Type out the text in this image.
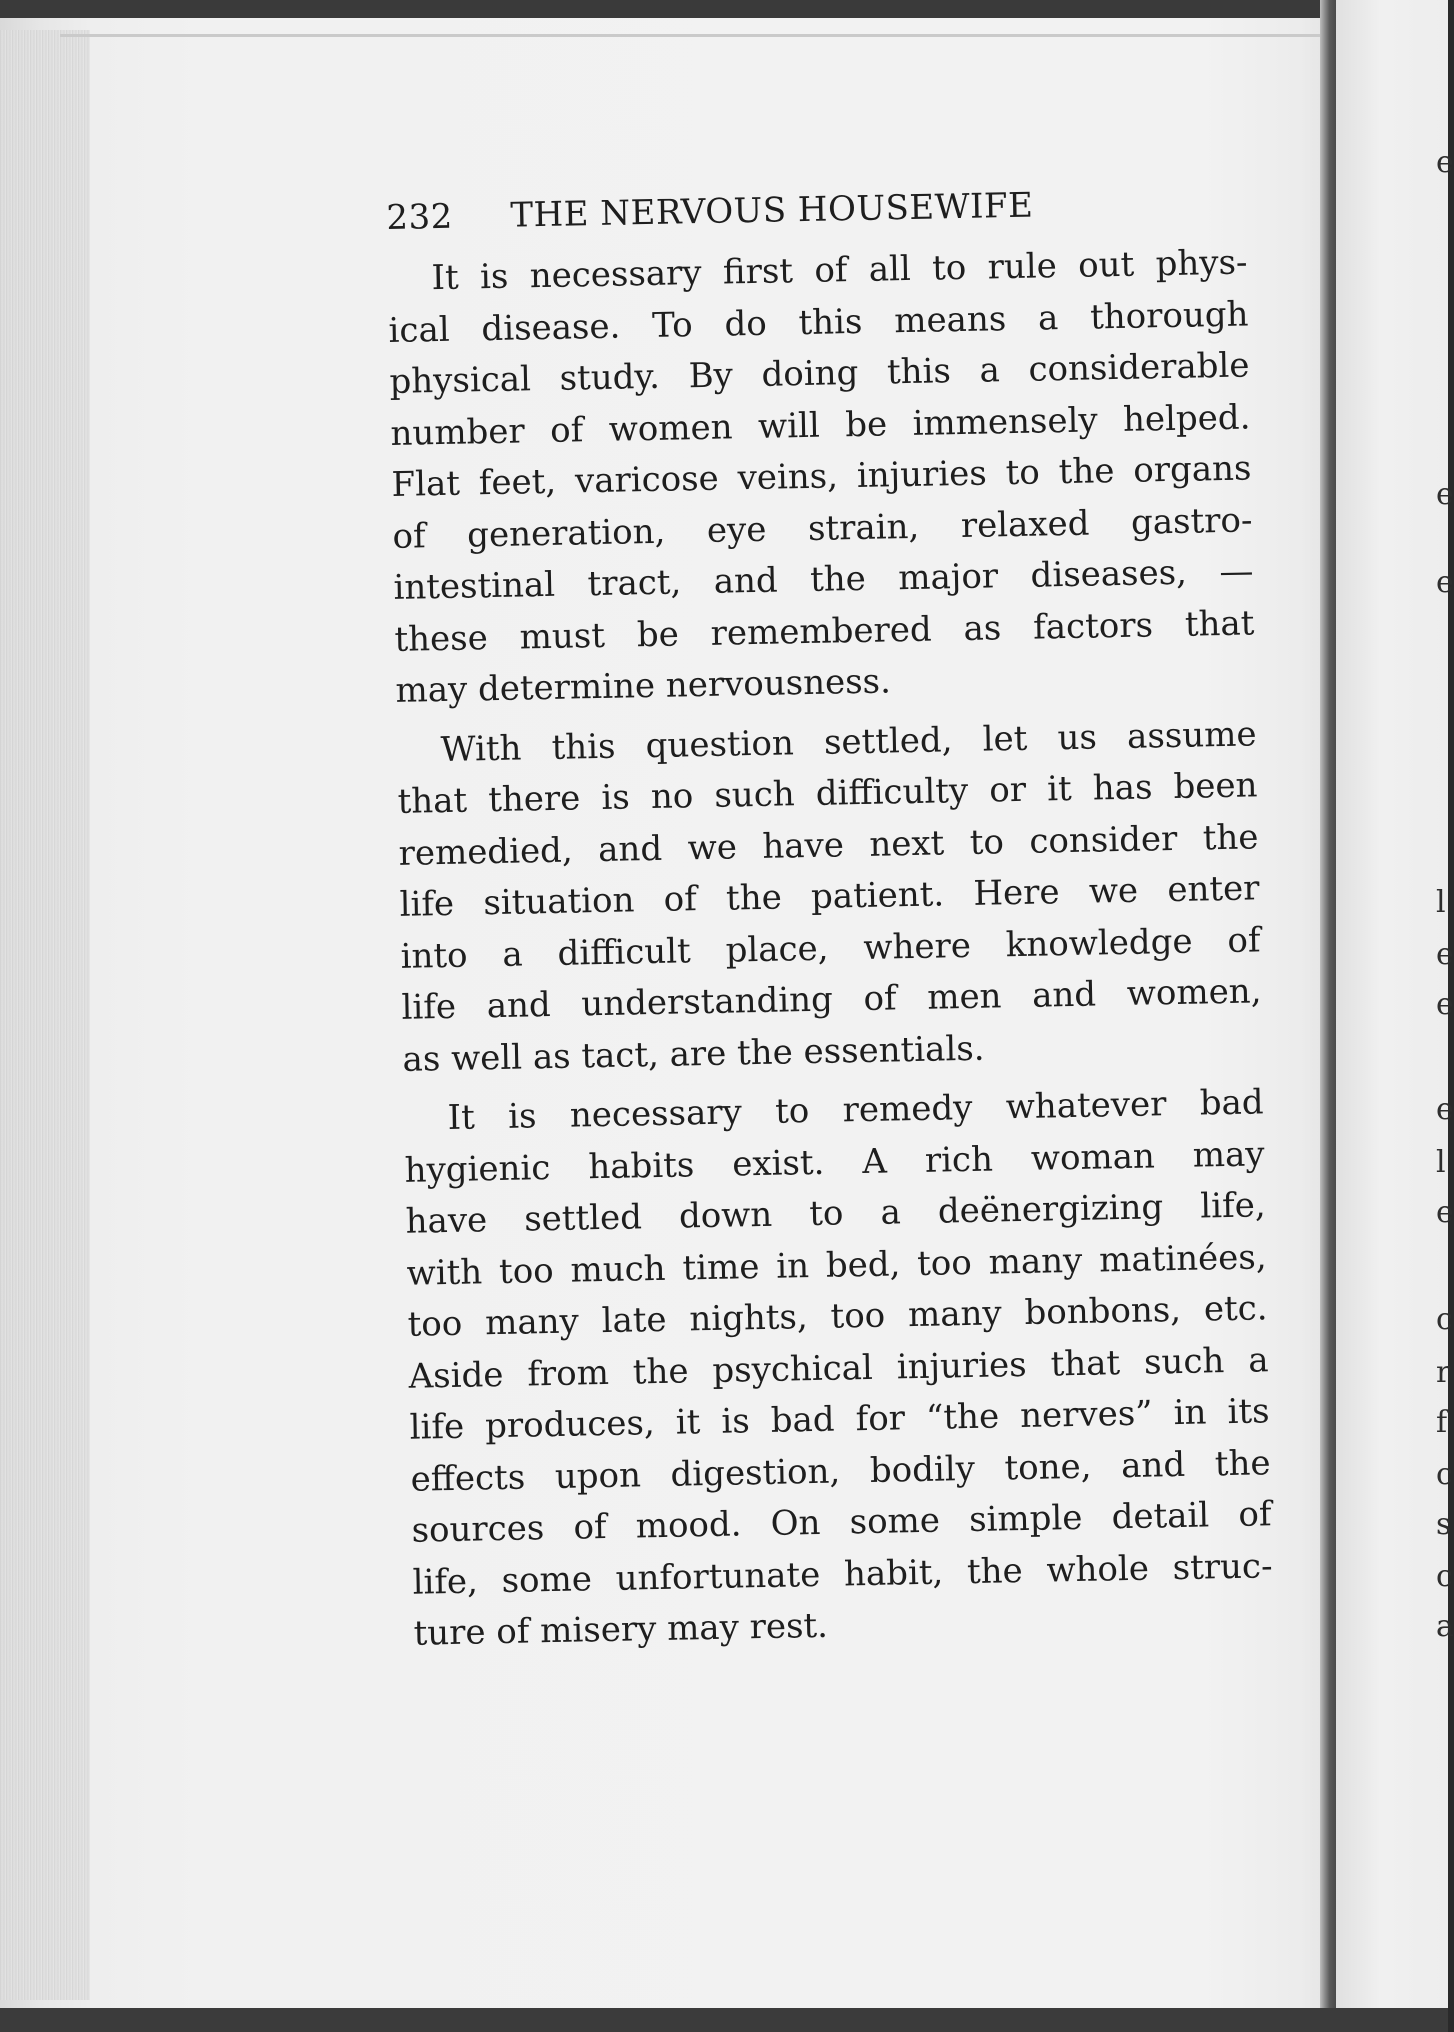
e
e
e
l
e
e
e
l
e
c
r
f
c
s
c
a
232 THE NERVOUS HOUSEWIFE
It is necessary first of all to rule out phys-
ical disease. To do this means a thorough
physical study. By doing this a considerable
number of women will be immensely helped.
Flat feet, varicose veins, injuries to the organs
of generation, eye strain, relaxed gastro-
intestinal tract, and the major diseases, —
these must be remembered as factors that
may determine nervousness.
With this question settled, let us assume
that there is no such difficulty or it has been
remedied, and we have next to consider the
life situation of the patient. Here we enter
into a difficult place, where knowledge of
life and understanding of men and women,
as well as tact, are the essentials.
It is necessary to remedy whatever bad
hygienic habits exist. A rich woman may
have settled down to a deënergizing life,
with too much time in bed, too many matinées,
too many late nights, too many bonbons, etc.
Aside from the psychical injuries that such a
life produces, it is bad for “the nerves” in its
effects upon digestion, bodily tone, and the
sources of mood. On some simple detail of
life, some unfortunate habit, the whole struc-
ture of misery may rest.
